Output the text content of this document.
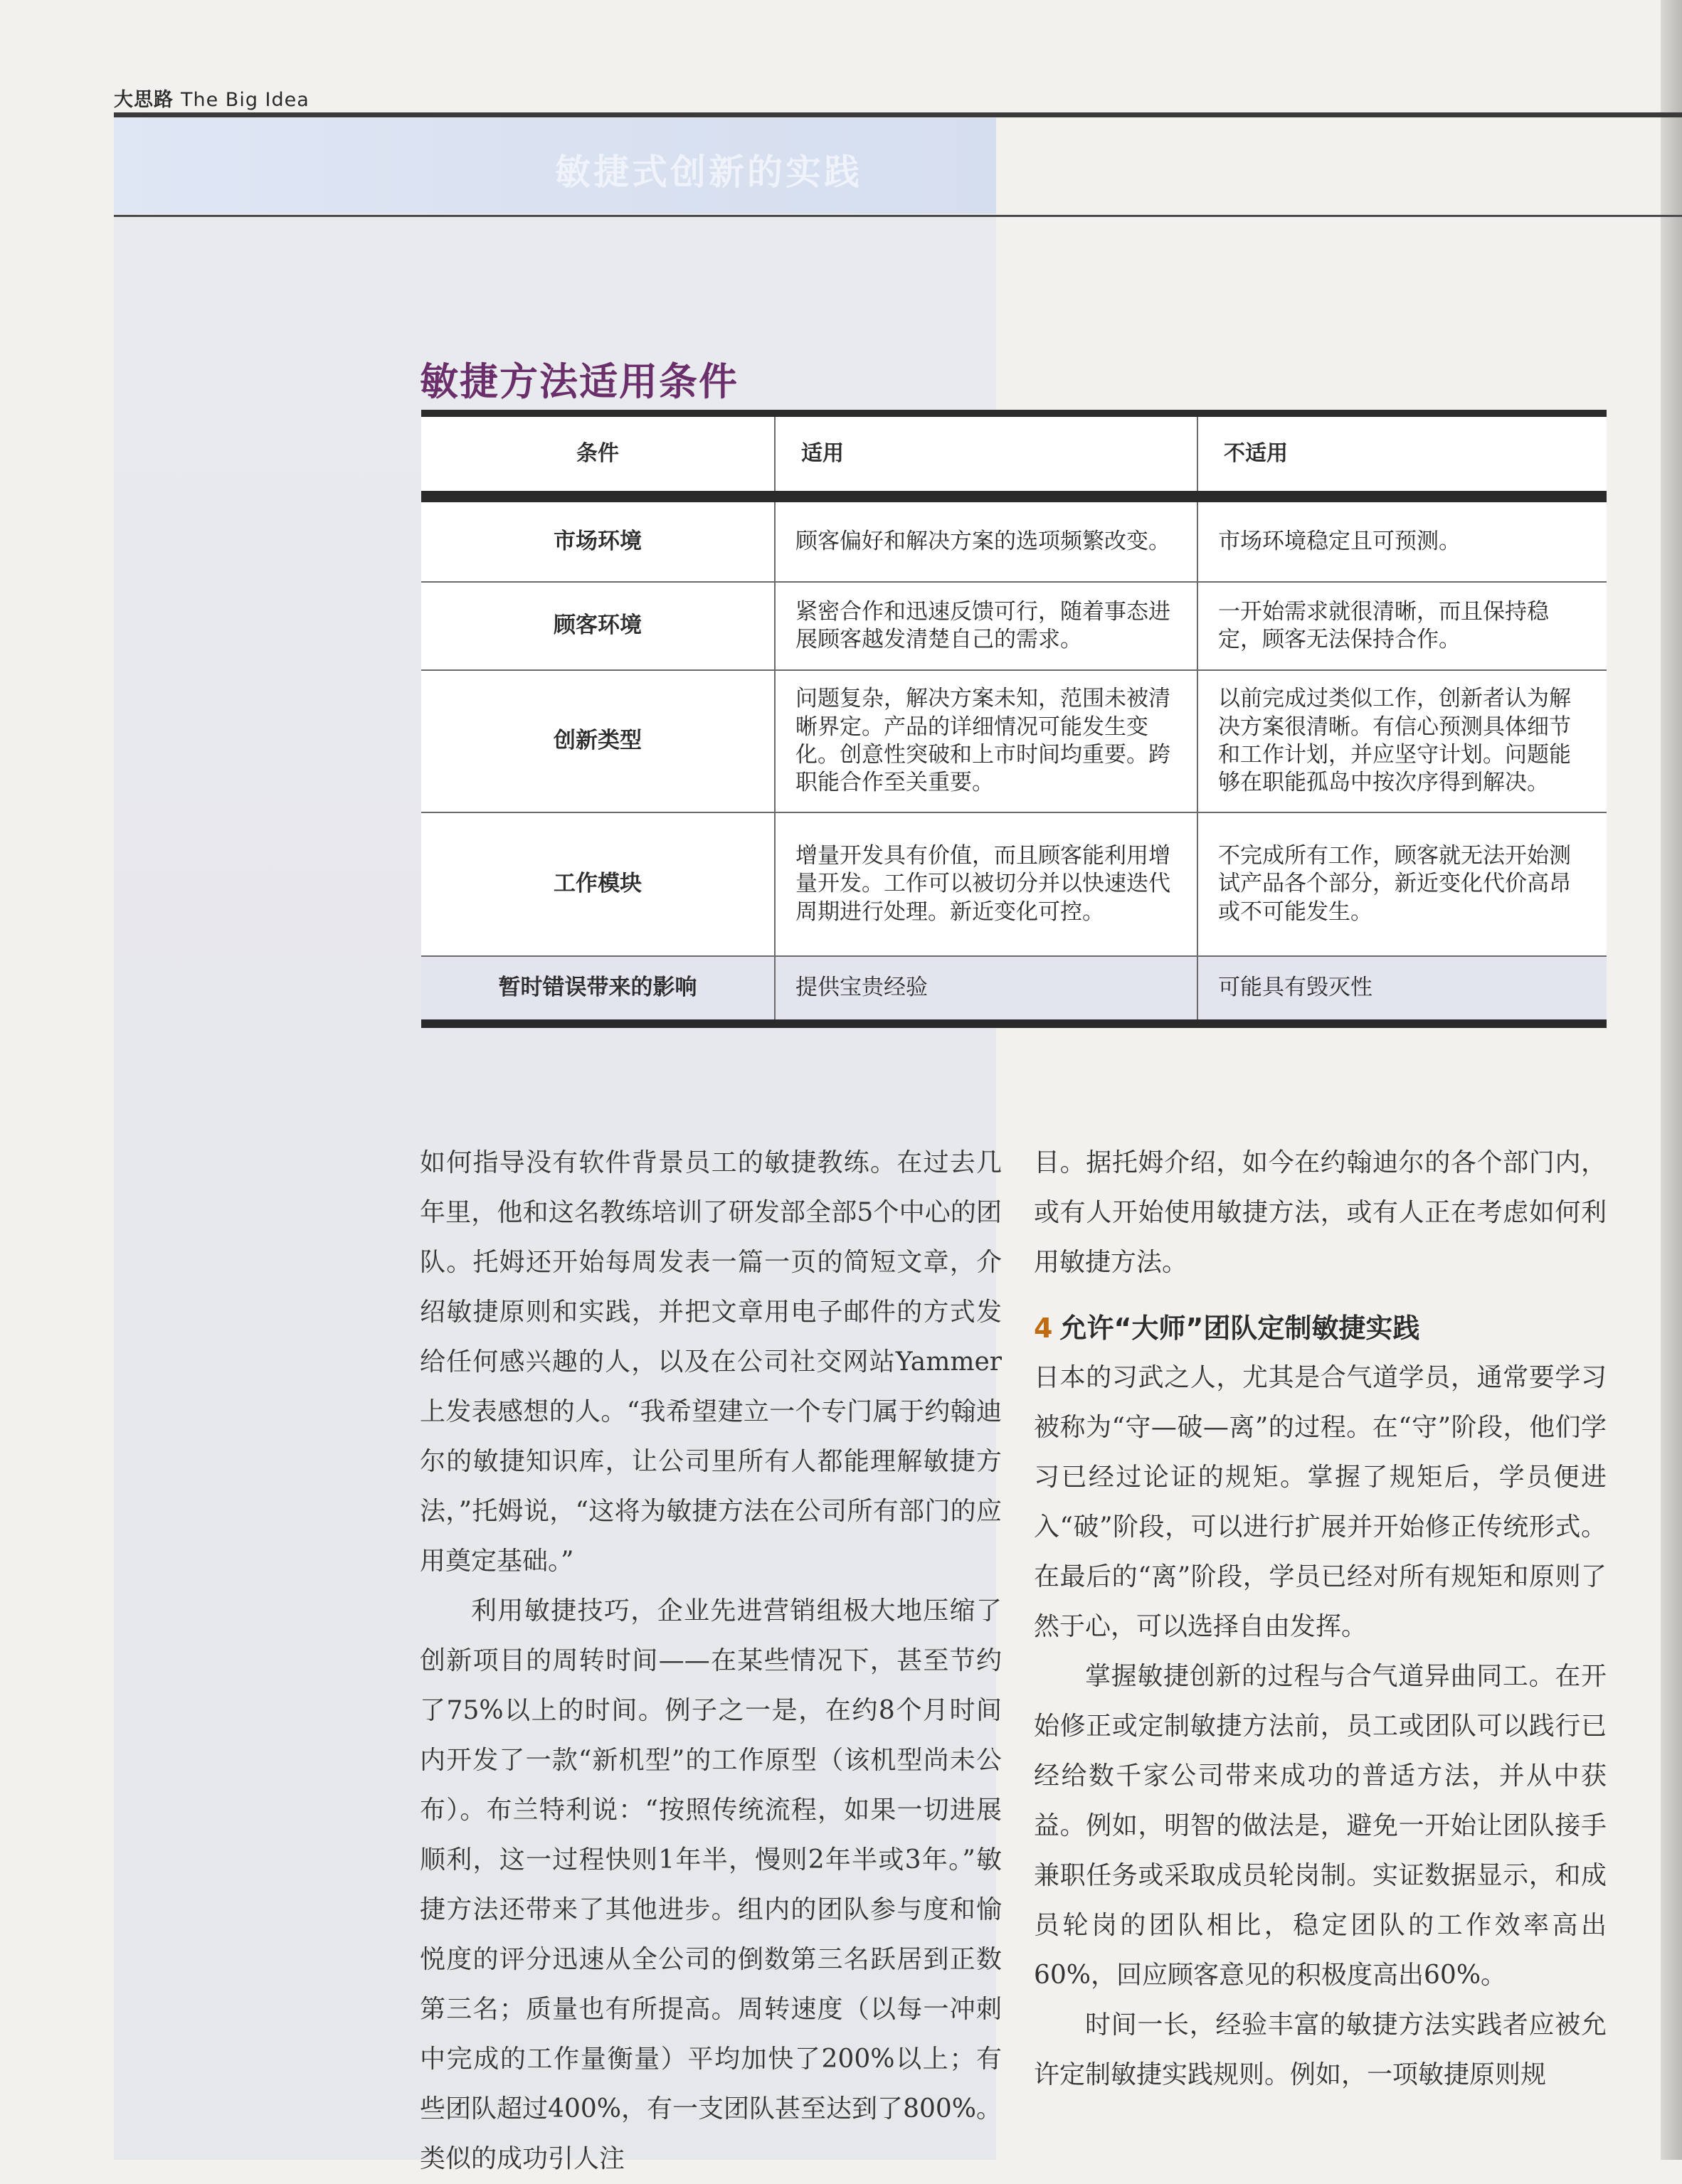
大思路 The Big Idea
敏捷式创新的实践
敏捷方法适用条件
条件	适用	不适用
市场环境	顾客偏好和解决方案的选项频繁改变。	市场环境稳定且可预测。
顾客环境	紧密合作和迅速反馈可行，随着事态进展顾客越发清楚自己的需求。	一开始需求就很清晰，而且保持稳定，顾客无法保持合作。
创新类型	问题复杂，解决方案未知，范围未被清晰界定。产品的详细情况可能发生变化。创意性突破和上市时间均重要。跨职能合作至关重要。	以前完成过类似工作，创新者认为解决方案很清晰。有信心预测具体细节和工作计划，并应坚守计划。问题能够在职能孤岛中按次序得到解决。
工作模块	增量开发具有价值，而且顾客能利用增量开发。工作可以被切分并以快速迭代周期进行处理。新近变化可控。	不完成所有工作，顾客就无法开始测试产品各个部分，新近变化代价高昂或不可能发生。
暂时错误带来的影响	提供宝贵经验	可能具有毁灭性

如何指导没有软件背景员工的敏捷教练。在过去几年里，他和这名教练培训了研发部全部5个中心的团队。托姆还开始每周发表一篇一页的简短文章，介绍敏捷原则和实践，并把文章用电子邮件的方式发给任何感兴趣的人，以及在公司社交网站Yammer上发表感想的人。“我希望建立一个专门属于约翰迪尔的敏捷知识库，让公司里所有人都能理解敏捷方法，”托姆说，“这将为敏捷方法在公司所有部门的应用奠定基础。”

利用敏捷技巧，企业先进营销组极大地压缩了创新项目的周转时间——在某些情况下，甚至节约了75%以上的时间。例子之一是，在约8个月时间内开发了一款“新机型”的工作原型（该机型尚未公布）。布兰特利说：“按照传统流程，如果一切进展顺利，这一过程快则1年半，慢则2年半或3年。”敏捷方法还带来了其他进步。组内的团队参与度和愉悦度的评分迅速从全公司的倒数第三名跃居到正数第三名；质量也有所提高。周转速度（以每一冲刺中完成的工作量衡量）平均加快了200%以上；有些团队超过400%，有一支团队甚至达到了800%。类似的成功引人注

目。据托姆介绍，如今在约翰迪尔的各个部门内，或有人开始使用敏捷方法，或有人正在考虑如何利用敏捷方法。

4 允许“大师”团队定制敏捷实践

日本的习武之人，尤其是合气道学员，通常要学习被称为“守—破—离”的过程。在“守”阶段，他们学习已经过论证的规矩。掌握了规矩后，学员便进入“破”阶段，可以进行扩展并开始修正传统形式。在最后的“离”阶段，学员已经对所有规矩和原则了然于心，可以选择自由发挥。

掌握敏捷创新的过程与合气道异曲同工。在开始修正或定制敏捷方法前，员工或团队可以践行已经给数千家公司带来成功的普适方法，并从中获益。例如，明智的做法是，避免一开始让团队接手兼职任务或采取成员轮岗制。实证数据显示，和成员轮岗的团队相比，稳定团队的工作效率高出60%，回应顾客意见的积极度高出60%。

时间一长，经验丰富的敏捷方法实践者应被允许定制敏捷实践规则。例如，一项敏捷原则规
